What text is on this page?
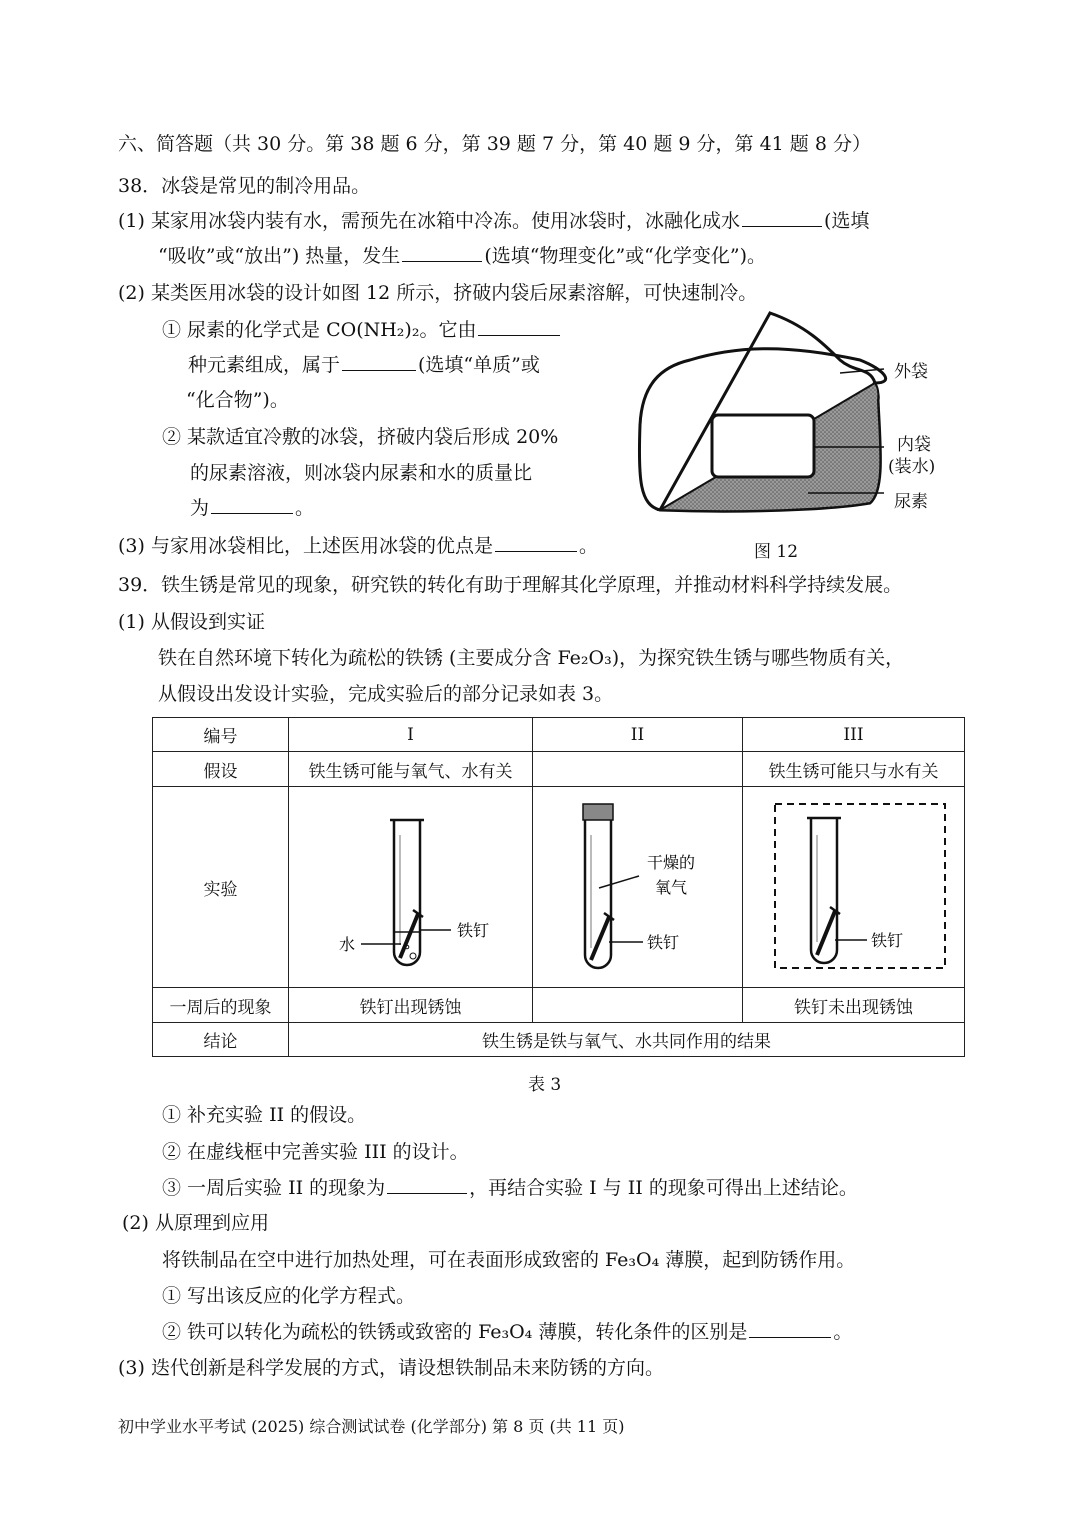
六、简答题（共 30 分。第 38 题 6 分，第 39 题 7 分，第 40 题 9 分，第 41 题 8 分）
38．冰袋是常见的制冷用品。
(1) 某家用冰袋内装有水，需预先在冰箱中冷冻。使用冰袋时，冰融化成水	(选填
“吸收”或“放出”) 热量，发生	(选填“物理变化”或“化学变化”)。
(2) 某类医用冰袋的设计如图 12 所示，挤破内袋后尿素溶解，可快速制冷。
① 尿素的化学式是 CO(NH₂)₂。它由
种元素组成，属于	(选填“单质”或
“化合物”)。
② 某款适宜冷敷的冰袋，挤破内袋后形成 20%
的尿素溶液，则冰袋内尿素和水的质量比
为	。
(3) 与家用冰袋相比，上述医用冰袋的优点是	。
外袋
内袋
(装水)
尿素
图 12
39．铁生锈是常见的现象，研究铁的转化有助于理解其化学原理，并推动材料科学持续发展。
(1) 从假设到实证
铁在自然环境下转化为疏松的铁锈 (主要成分含 Fe₂O₃)，为探究铁生锈与哪些物质有关，
从假设出发设计实验，完成实验后的部分记录如表 3。
编号	I	II	III
假设	铁生锈可能与氧气、水有关		铁生锈可能只与水有关
实验	水
铁钉	干燥的
氧气
铁钉	铁钉

一周后的现象	铁钉出现锈蚀		铁钉未出现锈蚀
结论	铁生锈是铁与氧气、水共同作用的结果		
表 3
① 补充实验 II 的假设。
② 在虚线框中完善实验 III 的设计。
③ 一周后实验 II 的现象为	，再结合实验 I 与 II 的现象可得出上述结论。
(2) 从原理到应用
将铁制品在空中进行加热处理，可在表面形成致密的 Fe₃O₄ 薄膜，起到防锈作用。
① 写出该反应的化学方程式。
② 铁可以转化为疏松的铁锈或致密的 Fe₃O₄ 薄膜，转化条件的区别是	。
(3) 迭代创新是科学发展的方式，请设想铁制品未来防锈的方向。
初中学业水平考试 (2025) 综合测试试卷 (化学部分) 第 8 页 (共 11 页)
